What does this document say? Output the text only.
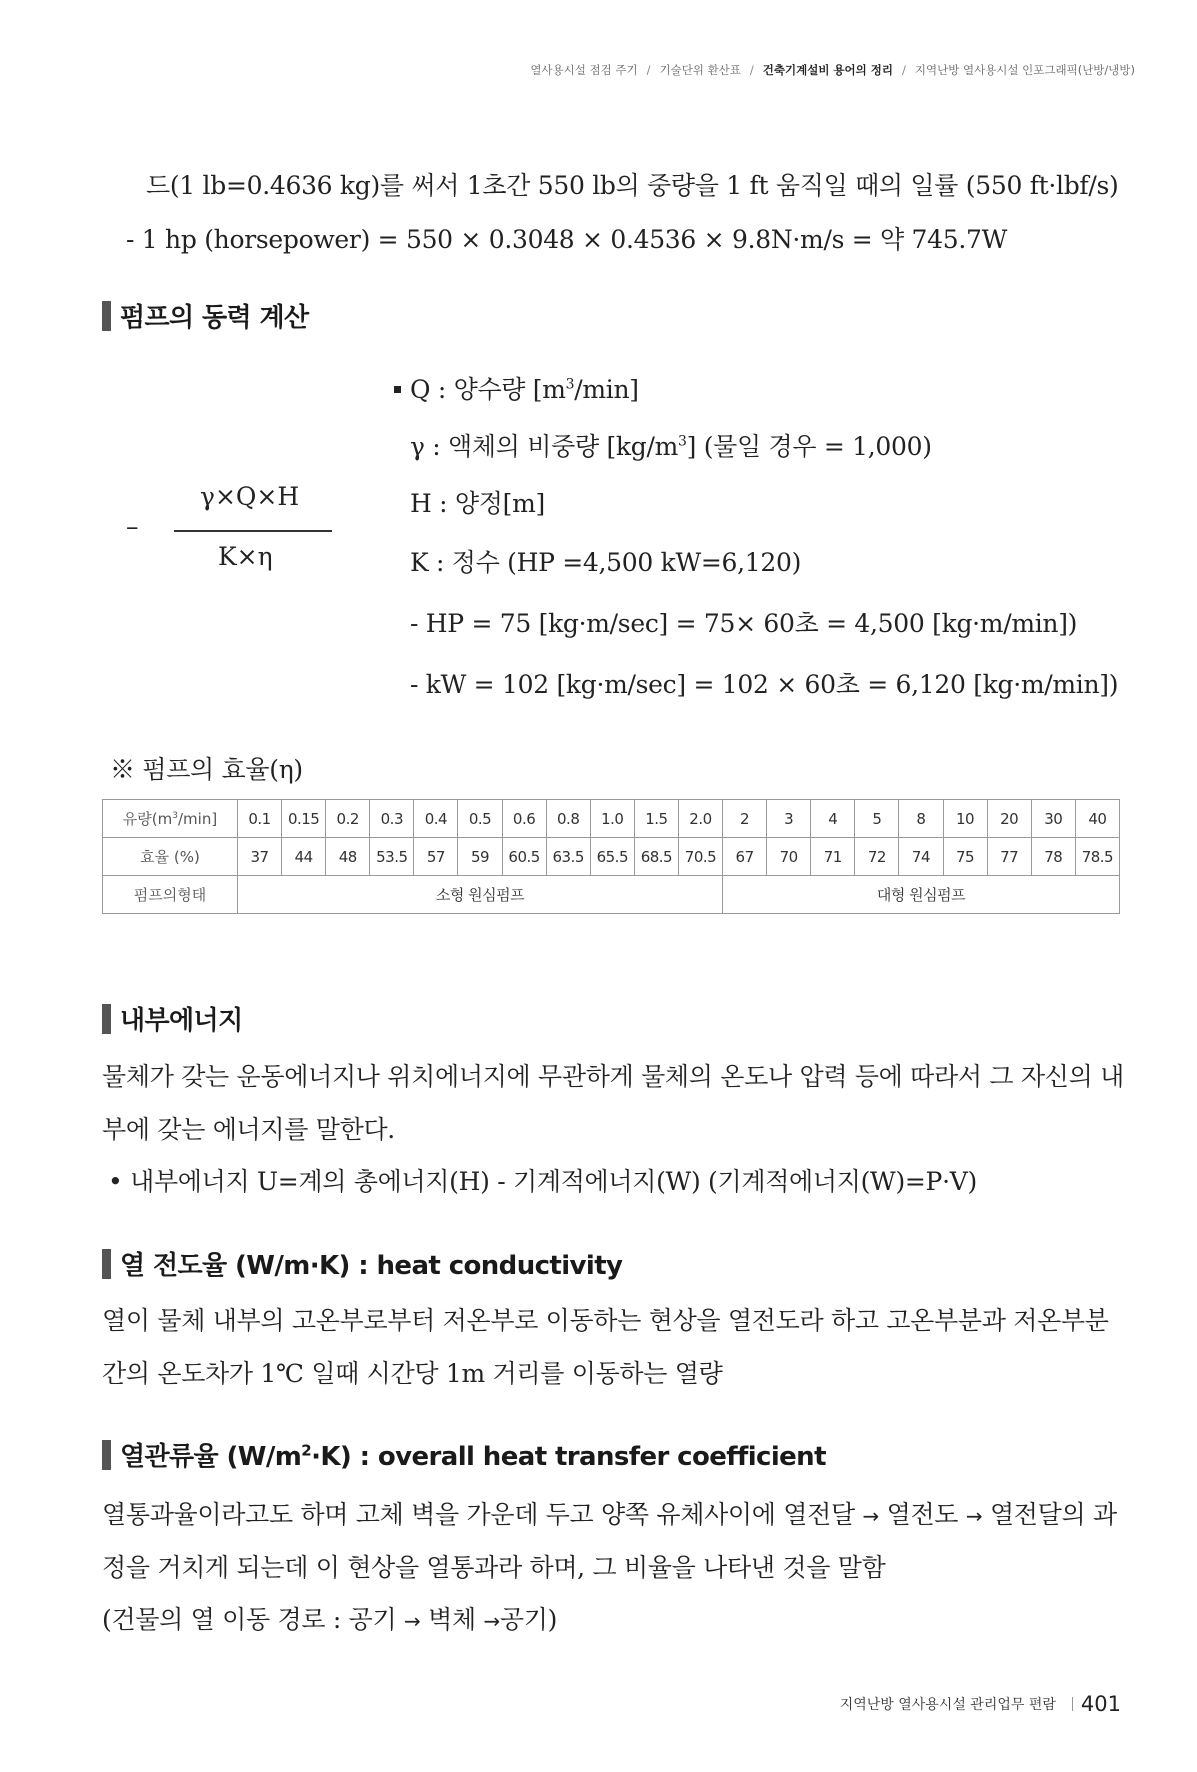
열사용시설 점검 주기 / 기술단위 환산표 / 건축기계설비 용어의 정리 / 지역난방 열사용시설 인포그래픽(난방/냉방)
드(1 lb=0.4636 kg)를 써서 1초간 550 lb의 중량을 1 ft 움직일 때의 일률 (550 ft·lbf/s)
- 1 hp (horsepower) = 550 × 0.3048 × 0.4536 × 9.8N·m/s = 약 745.7W
펌프의 동력 계산
–
γ×Q×H
K×η
Q : 양수량 $[m^3/\min]$
γ : 액체의 비중량 $[kg/m^3]$ (물일 경우 = 1,000)
H : 양정[m]
K : 정수 (HP =4,500 kW=6,120)
- HP = 75 [kg·m/sec] = 75× 60초 = 4,500 [kg·m/min])
- kW = 102 [kg·m/sec] = 102 × 60초 = 6,120 [kg·m/min])
※ 펌프의 효율(η)
유량$(m^3/\min]$	0.1	0.15	0.2	0.3	0.4	0.5	0.6	0.8	1.0	1.5	2.0	2	3	4	5	8	10	20	30	40
효율 (%)	37	44	48	53.5	57	59	60.5	63.5	65.5	68.5	70.5	67	70	71	72	74	75	77	78	78.5
펌프의형태	소형 원심펌프											대형 원심펌프								
내부에너지
물체가 갖는 운동에너지나 위치에너지에 무관하게 물체의 온도나 압력 등에 따라서 그 자신의 내
부에 갖는 에너지를 말한다.
• 내부에너지 U=계의 총에너지(H) - 기계적에너지(W) (기계적에너지(W)=P·V)
열 전도율 (W/m·K) : heat conductivity
열이 물체 내부의 고온부로부터 저온부로 이동하는 현상을 열전도라 하고 고온부분과 저온부분
간의 온도차가 1℃ 일때 시간당 1m 거리를 이동하는 열량
열관류율 $(W/m^2\cdot K)$ : overall heat transfer coefficient
열통과율이라고도 하며 고체 벽을 가운데 두고 양쪽 유체사이에 열전달 → 열전도 → 열전달의 과
정을 거치게 되는데 이 현상을 열통과라 하며, 그 비율을 나타낸 것을 말함
(건물의 열 이동 경로 : 공기 → 벽체 →공기)
지역난방 열사용시설 관리업무 편람 401
